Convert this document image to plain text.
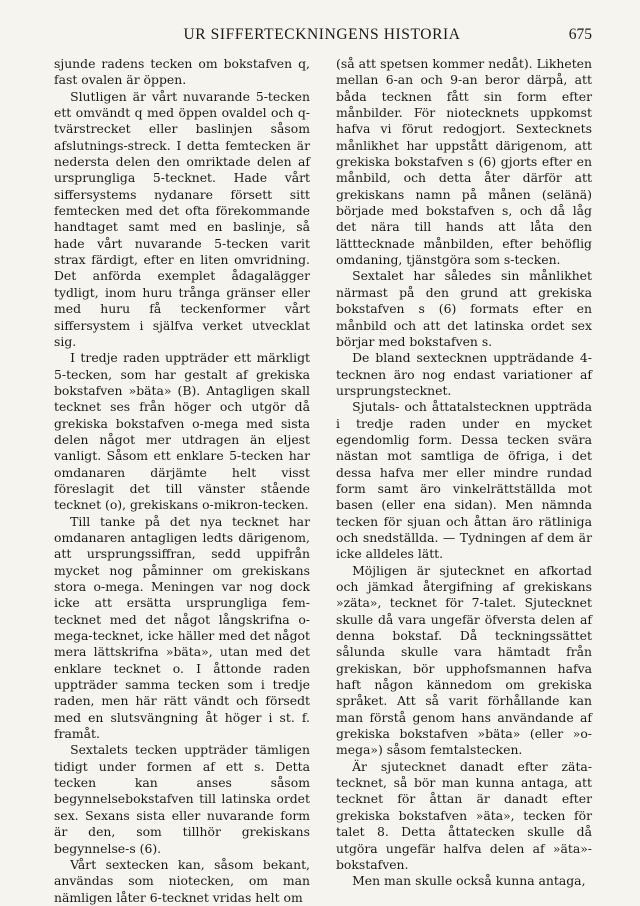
UR SIFFERTECKNINGENS HISTORIA	675

sjunde radens tecken om bokstafven q, fast ovalen är öppen.

Slutligen är vårt nuvarande 5-tecken ett omvändt q med öppen ovaldel och q-tvärstrecket eller baslinjen såsom afslutnings-streck. I detta femtecken är nedersta delen den omriktade delen af ursprungliga 5-tecknet. Hade vårt siffersystems nydanare försett sitt femtecken med det ofta förekommande handtaget samt med en baslinje, så hade vårt nuvarande 5-tecken varit strax färdigt, efter en liten omvridning. Det anförda exemplet ådagalägger tydligt, inom huru trånga gränser eller med huru få teckenformer vårt siffersystem i själfva verket utvecklat sig.

I tredje raden uppträder ett märkligt 5-tecken, som har gestalt af grekiska bokstafven »bäta» (B). Antagligen skall tecknet ses från höger och utgör då grekiska bokstafven o-mega med sista delen något mer utdragen än eljest vanligt. Såsom ett enklare 5-tecken har omdanaren därjämte helt visst föreslagit det till vänster stående tecknet (o), grekiskans o-mikron-tecken.

Till tanke på det nya tecknet har omdanaren antagligen ledts därigenom, att ursprungssiffran, sedd uppifrån mycket nog påminner om grekiskans stora o-mega. Meningen var nog dock icke att ersätta ursprungliga fem-tecknet med det något långskrifna o-mega-tecknet, icke häller med det något mera lättskrifna »bäta», utan med det enklare tecknet o. I åttonde raden uppträder samma tecken som i tredje raden, men här rätt vändt och försedt med en slutsvängning åt höger i st. f. framåt.

Sextalets tecken uppträder tämligen tidigt under formen af ett s. Detta tecken kan anses såsom begynnelsebokstafven till latinska ordet sex. Sexans sista eller nuvarande form är den, som tillhör grekiskans begynnelse-s (6).

Vårt sextecken kan, såsom bekant, användas som niotecken, om man nämligen låter 6-tecknet vridas helt om

(så att spetsen kommer nedåt). Likheten mellan 6-an och 9-an beror därpå, att båda tecknen fått sin form efter månbilder. För niotecknets uppkomst hafva vi förut redogjort. Sextecknets månlikhet har uppstått därigenom, att grekiska bokstafven s (6) gjorts efter en månbild, och detta åter därför att grekiskans namn på månen (selänä) började med bokstafven s, och då låg det nära till hands att låta den lätttecknade månbilden, efter behöflig omdaning, tjänstgöra som s-tecken.

Sextalet har således sin månlikhet närmast på den grund att grekiska bokstafven s (6) formats efter en månbild och att det latinska ordet sex börjar med bokstafven s.

De bland sextecknen uppträdande 4-tecknen äro nog endast variationer af ursprungstecknet.

Sjutals- och åttatalstecknen uppträda i tredje raden under en mycket egendomlig form. Dessa tecken svära nästan mot samtliga de öfriga, i det dessa hafva mer eller mindre rundad form samt äro vinkelrättställda mot basen (eller ena sidan). Men nämnda tecken för sjuan och åttan äro rätliniga och snedställda. — Tydningen af dem är icke alldeles lätt.

Möjligen är sjutecknet en afkortad och jämkad återgifning af grekiskans »zäta», tecknet för 7-talet. Sjutecknet skulle då vara ungefär öfversta delen af denna bokstaf. Då teckningssättet sålunda skulle vara hämtadt från grekiskan, bör upphofsmannen hafva haft någon kännedom om grekiska språket. Att så varit förhållande kan man förstå genom hans användande af grekiska bokstafven »bäta» (eller »o-mega») såsom femtalstecken.

Är sjutecknet danadt efter zäta-tecknet, så bör man kunna antaga, att tecknet för åttan är danadt efter grekiska bokstafven »äta», tecken för talet 8. Detta åttatecken skulle då utgöra ungefär halfva delen af »äta»-bokstafven.

Men man skulle också kunna antaga,
